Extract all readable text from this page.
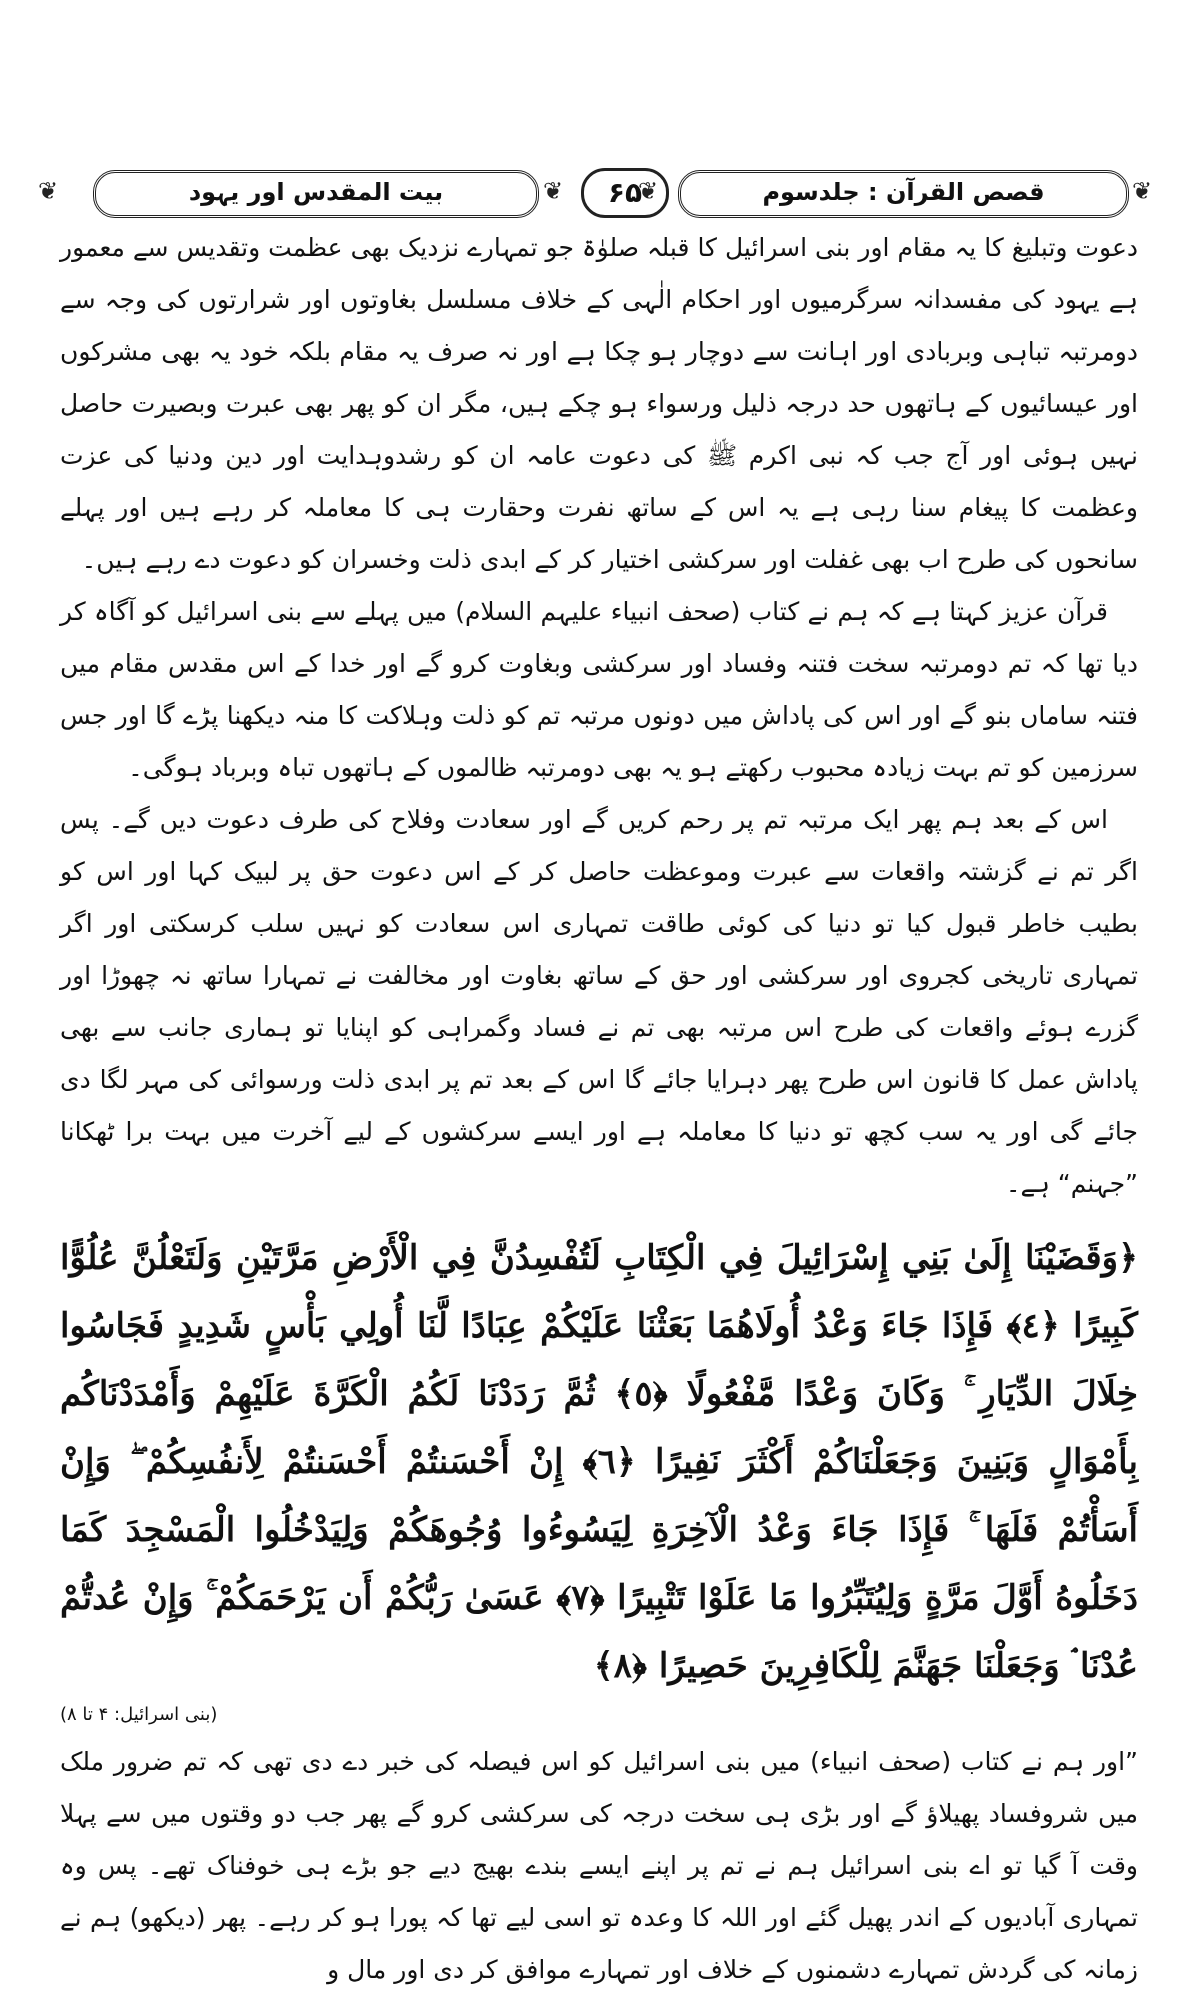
❦	بیت المقدس اور یہود	❦	۶۵
❦	قصص القرآن : جلدسوم	❦

دعوت وتبلیغ کا یہ مقام اور بنی اسرائیل کا قبلہ صلوٰۃ جو تمہارے نزدیک بھی عظمت وتقدیس سے معمور ہے یہود کی مفسدانہ سرگرمیوں اور احکام الٰہی کے خلاف مسلسل بغاوتوں اور شرارتوں کی وجہ سے دومرتبہ تباہی وبربادی اور اہانت سے دوچار ہو چکا ہے اور نہ صرف یہ مقام بلکہ خود یہ بھی مشرکوں اور عیسائیوں کے ہاتھوں حد درجہ ذلیل ورسواء ہو چکے ہیں، مگر ان کو پھر بھی عبرت وبصیرت حاصل نہیں ہوئی اور آج جب کہ نبی اکرم ﷺ کی دعوت عامہ ان کو رشدوہدایت اور دین ودنیا کی عزت وعظمت کا پیغام سنا رہی ہے یہ اس کے ساتھ نفرت وحقارت ہی کا معاملہ کر رہے ہیں اور پہلے سانحوں کی طرح اب بھی غفلت اور سرکشی اختیار کر کے ابدی ذلت وخسران کو دعوت دے رہے ہیں۔

قرآن عزیز کہتا ہے کہ ہم نے کتاب (صحف انبیاء علیہم السلام) میں پہلے سے بنی اسرائیل کو آگاہ کر دیا تھا کہ تم دومرتبہ سخت فتنہ وفساد اور سرکشی وبغاوت کرو گے اور خدا کے اس مقدس مقام میں فتنہ ساماں بنو گے اور اس کی پاداش میں دونوں مرتبہ تم کو ذلت وہلاکت کا منہ دیکھنا پڑے گا اور جس سرزمین کو تم بہت زیادہ محبوب رکھتے ہو یہ بھی دومرتبہ ظالموں کے ہاتھوں تباہ وبرباد ہوگی۔

اس کے بعد ہم پھر ایک مرتبہ تم پر رحم کریں گے اور سعادت وفلاح کی طرف دعوت دیں گے۔ پس اگر تم نے گزشتہ واقعات سے عبرت وموعظت حاصل کر کے اس دعوت حق پر لبیک کہا اور اس کو بطیب خاطر قبول کیا تو دنیا کی کوئی طاقت تمہاری اس سعادت کو نہیں سلب کرسکتی اور اگر تمہاری تاریخی کجروی اور سرکشی اور حق کے ساتھ بغاوت اور مخالفت نے تمہارا ساتھ نہ چھوڑا اور گزرے ہوئے واقعات کی طرح اس مرتبہ بھی تم نے فساد وگمراہی کو اپنایا تو ہماری جانب سے بھی پاداش عمل کا قانون اس طرح پھر دہرایا جائے گا اس کے بعد تم پر ابدی ذلت ورسوائی کی مہر لگا دی جائے گی اور یہ سب کچھ تو دنیا کا معاملہ ہے اور ایسے سرکشوں کے لیے آخرت میں بہت برا ٹھکانا ”جہنم“ ہے۔

﴿وَقَضَيْنَا إِلَىٰ بَنِي إِسْرَائِيلَ فِي الْكِتَابِ لَتُفْسِدُنَّ فِي الْأَرْضِ مَرَّتَيْنِ وَلَتَعْلُنَّ عُلُوًّا كَبِيرًا ﴿٤﴾ فَإِذَا جَاءَ وَعْدُ أُولَاهُمَا بَعَثْنَا عَلَيْكُمْ عِبَادًا لَّنَا أُولِي بَأْسٍ شَدِيدٍ فَجَاسُوا خِلَالَ الدِّيَارِ ۚ وَكَانَ وَعْدًا مَّفْعُولًا ﴿٥﴾ ثُمَّ رَدَدْنَا لَكُمُ الْكَرَّةَ عَلَيْهِمْ وَأَمْدَدْنَاكُم بِأَمْوَالٍ وَبَنِينَ وَجَعَلْنَاكُمْ أَكْثَرَ نَفِيرًا ﴿٦﴾ إِنْ أَحْسَنتُمْ أَحْسَنتُمْ لِأَنفُسِكُمْ ۖ وَإِنْ أَسَأْتُمْ فَلَهَا ۚ فَإِذَا جَاءَ وَعْدُ الْآخِرَةِ لِيَسُوءُوا وُجُوهَكُمْ وَلِيَدْخُلُوا الْمَسْجِدَ كَمَا دَخَلُوهُ أَوَّلَ مَرَّةٍ وَلِيُتَبِّرُوا مَا عَلَوْا تَتْبِيرًا ﴿٧﴾ عَسَىٰ رَبُّكُمْ أَن يَرْحَمَكُمْ ۚ وَإِنْ عُدتُّمْ عُدْنَا ۘ وَجَعَلْنَا جَهَنَّمَ لِلْكَافِرِينَ حَصِيرًا ﴿٨﴾

(بنی اسرائیل: ۴ تا ۸)

”اور ہم نے کتاب (صحف انبیاء) میں بنی اسرائیل کو اس فیصلہ کی خبر دے دی تھی کہ تم ضرور ملک میں شروفساد پھیلاؤ گے اور بڑی ہی سخت درجہ کی سرکشی کرو گے پھر جب دو وقتوں میں سے پہلا وقت آ گیا تو اے بنی اسرائیل ہم نے تم پر اپنے ایسے بندے بھیج دیے جو بڑے ہی خوفناک تھے۔ پس وہ تمہاری آبادیوں کے اندر پھیل گئے اور اللہ کا وعدہ تو اسی لیے تھا کہ پورا ہو کر رہے۔ پھر (دیکھو) ہم نے زمانہ کی گردش تمہارے دشمنوں کے خلاف اور تمہارے موافق کر دی اور مال و
